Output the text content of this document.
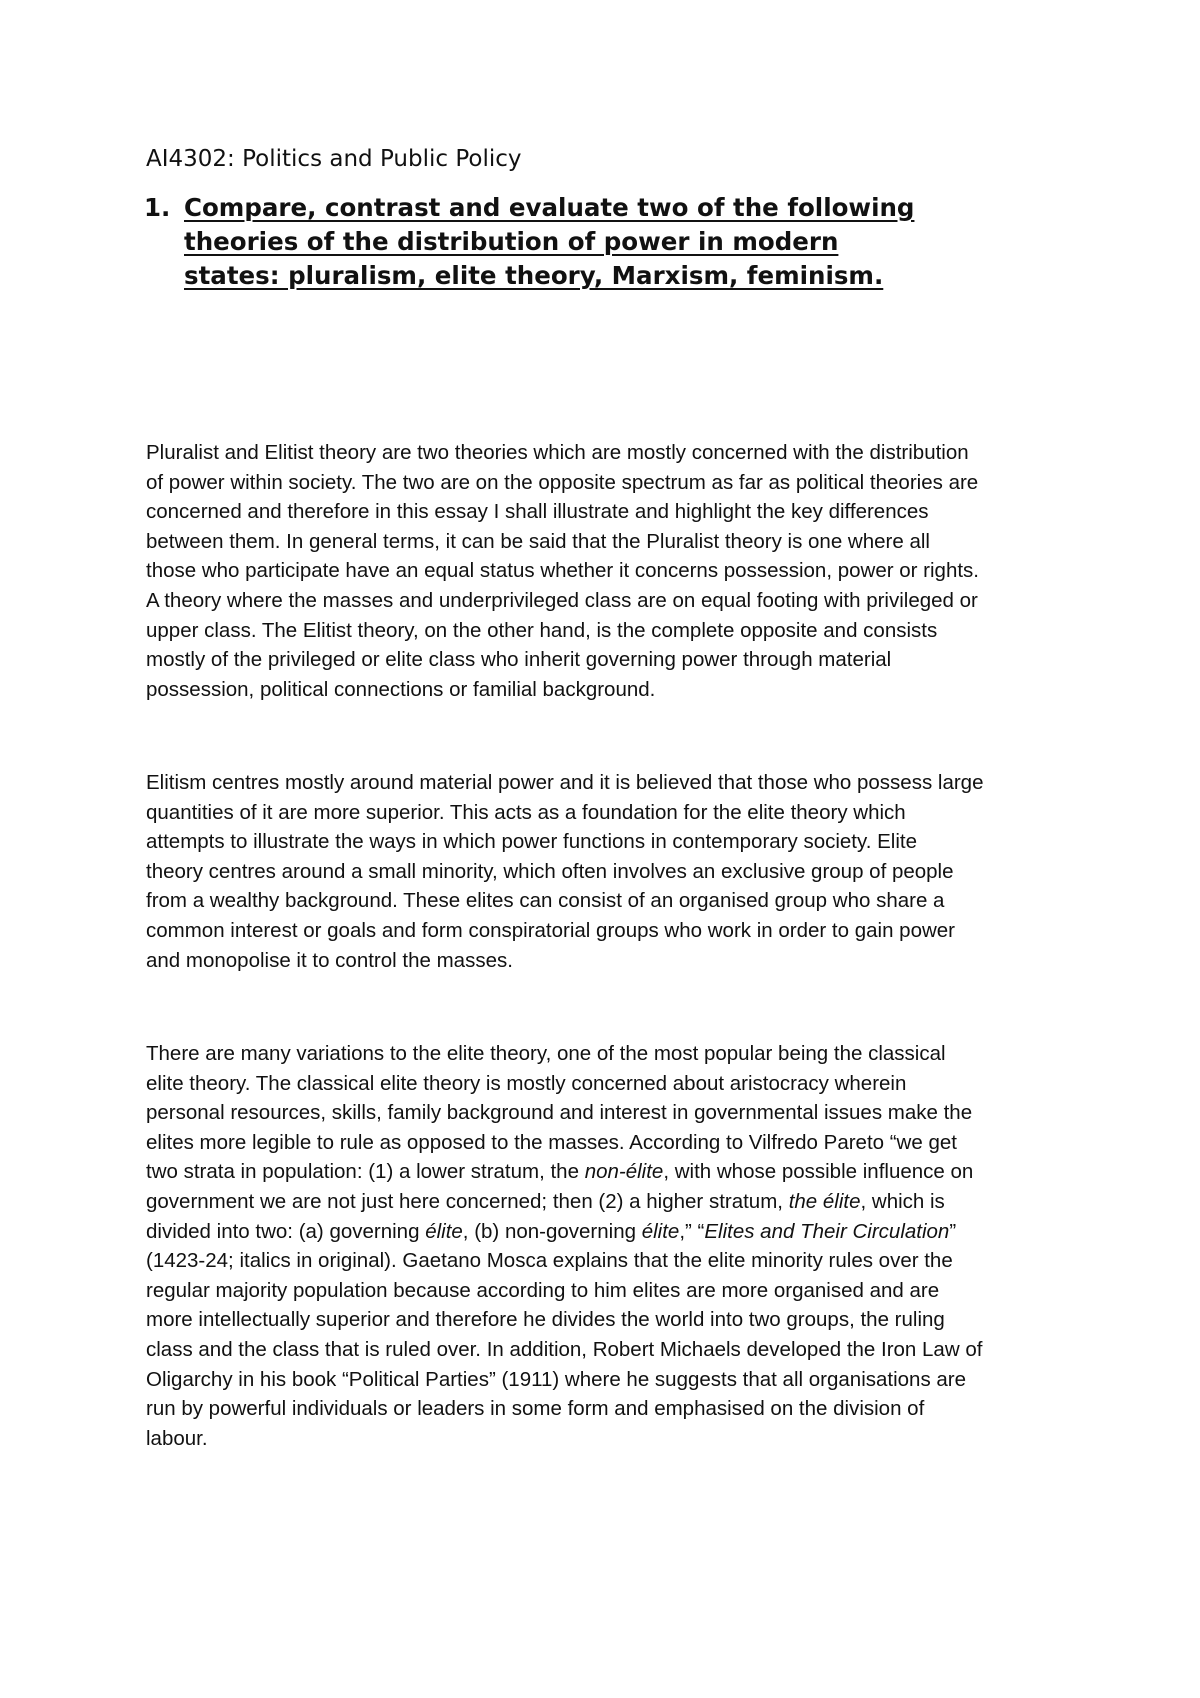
AI4302: Politics and Public Policy
1. Compare, contrast and evaluate two of the following
theories of the distribution of power in modern
states: pluralism, elite theory, Marxism, feminism.
Pluralist and Elitist theory are two theories which are mostly concerned with the distribution
of power within society. The two are on the opposite spectrum as far as political theories are
concerned and therefore in this essay I shall illustrate and highlight the key differences
between them. In general terms, it can be said that the Pluralist theory is one where all
those who participate have an equal status whether it concerns possession, power or rights.
A theory where the masses and underprivileged class are on equal footing with privileged or
upper class. The Elitist theory, on the other hand, is the complete opposite and consists
mostly of the privileged or elite class who inherit governing power through material
possession, political connections or familial background.
Elitism centres mostly around material power and it is believed that those who possess large
quantities of it are more superior. This acts as a foundation for the elite theory which
attempts to illustrate the ways in which power functions in contemporary society. Elite
theory centres around a small minority, which often involves an exclusive group of people
from a wealthy background. These elites can consist of an organised group who share a
common interest or goals and form conspiratorial groups who work in order to gain power
and monopolise it to control the masses.
There are many variations to the elite theory, one of the most popular being the classical
elite theory. The classical elite theory is mostly concerned about aristocracy wherein
personal resources, skills, family background and interest in governmental issues make the
elites more legible to rule as opposed to the masses. According to Vilfredo Pareto “we get
two strata in population: (1) a lower stratum, the non-élite, with whose possible influence on
government we are not just here concerned; then (2) a higher stratum, the élite, which is
divided into two: (a) governing élite, (b) non-governing élite,” “Elites and Their Circulation”
(1423-24; italics in original). Gaetano Mosca explains that the elite minority rules over the
regular majority population because according to him elites are more organised and are
more intellectually superior and therefore he divides the world into two groups, the ruling
class and the class that is ruled over. In addition, Robert Michaels developed the Iron Law of
Oligarchy in his book “Political Parties” (1911) where he suggests that all organisations are
run by powerful individuals or leaders in some form and emphasised on the division of
labour.
